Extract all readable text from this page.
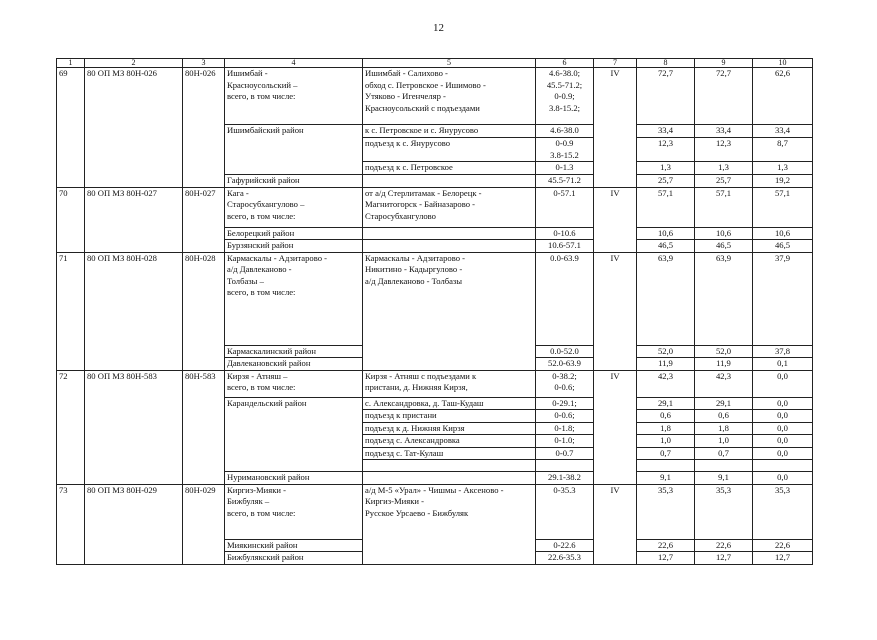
12
1	2	3	4	5	6	7	8	9	10
69	80 ОП МЗ 80Н-026	80Н-026	Ишимбай -
Красноусольский –
всего, в том числе:	Ишимбай - Салихово -
обход с. Петровское - Ишимово -
Утяково - Игенчеляр -
Красноусольский с подъездами	4.6-38.0;
45.5-71.2;
0-0.9;
3.8-15.2;	IV	72,7	72,7	62,6
			Ишимбайский район	к с. Петровское и с. Янурусово	4.6-38.0		33,4	33,4	33,4
				подъезд к с. Янурусово	0-0.9
3.8-15.2		12,3	12,3	8,7
				подъезд к с. Петровское	0-1.3		1,3	1,3	1,3
			Гафурийский район		45.5-71.2		25,7	25,7	19,2
70	80 ОП МЗ 80Н-027	80Н-027	Кага -
Старосубхангулово –
всего, в том числе:	от а/д Стерлитамак - Белорецк -
Магнитогорск - Байназарово -
Старосубхангулово	0-57.1	IV	57,1	57,1	57,1
			Белорецкий район		0-10.6		10,6	10,6	10,6
			Бурзянский район		10.6-57.1		46,5	46,5	46,5
71	80 ОП МЗ 80Н-028	80Н-028	Кармаскалы - Адзитарово -
а/д Давлеканово -
Толбазы –
всего, в том числе:	Кармаскалы - Адзитарово -
Никитино - Кадыргулово -
а/д Давлеканово - Толбазы	0.0-63.9	IV	63,9	63,9	37,9
			Кармаскалинский район		0.0-52.0		52,0	52,0	37,8
			Давлекановский район		52.0-63.9		11,9	11,9	0,1
72	80 ОП МЗ 80Н-583	80Н-583	Кирзя - Атняш –
всего, в том числе:	Кирзя - Атняш с подъездами к
пристани, д. Нижняя Кирзя,	0-38.2;
0-0.6;	IV	42,3	42,3	0,0
			Карандельский район	с. Александровка, д. Таш-Кудаш	0-29.1;		29,1	29,1	0,0
				подъезд к пристани	0-0.6;		0,6	0,6	0,0
				подъезд к д. Нижняя Кирзя	0-1.8;		1,8	1,8	0,0
				подъезд с. Александровка	0-1.0;		1,0	1,0	0,0
				подъезд с. Тат-Кулаш	0-0.7		0,7	0,7	0,0

			Нуримановский район		29.1-38.2		9,1	9,1	0,0
73	80 ОП МЗ 80Н-029	80Н-029	Киргиз-Мияки -
Бижбуляк –
всего, в том числе:	а/д М-5 «Урал» - Чишмы - Аксеново -
Киргиз-Мияки -
Русское Урсаево - Бижбуляк	0-35.3	IV	35,3	35,3	35,3
			Миякинский район		0-22.6		22,6	22,6	22,6
			Бижбулякский район		22.6-35.3		12,7	12,7	12,7
